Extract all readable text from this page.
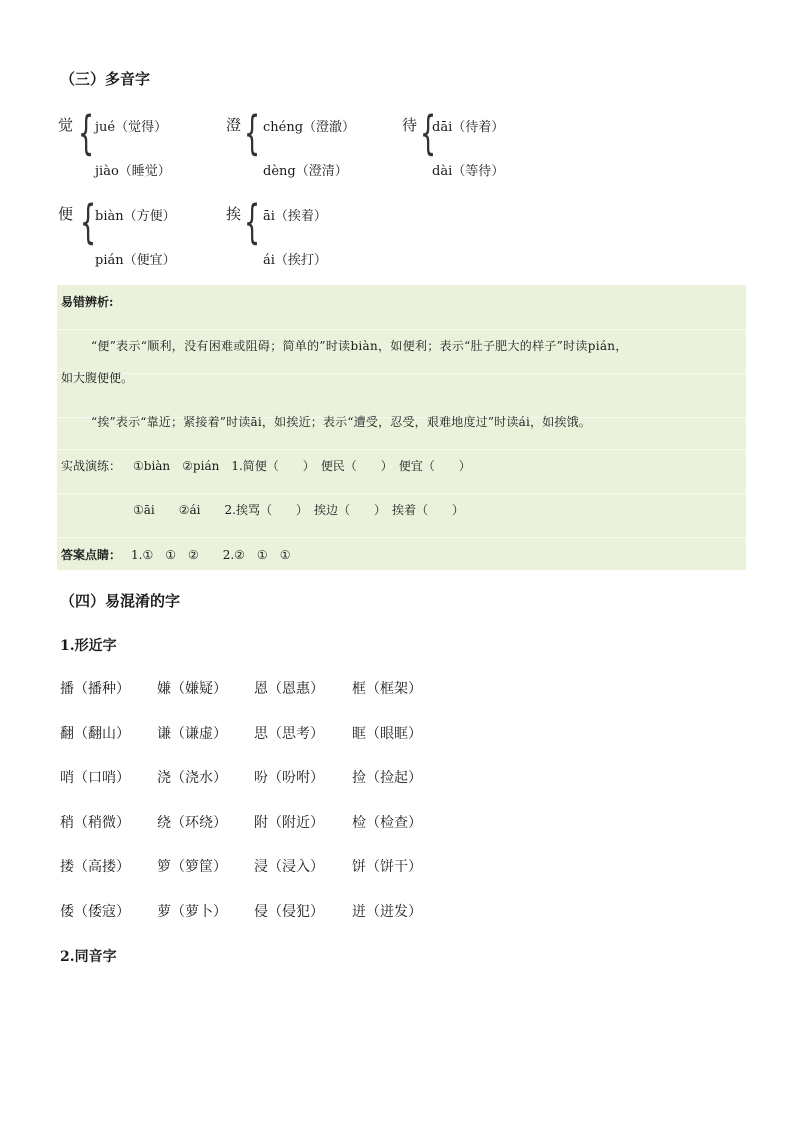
（三）多音字
觉 { jué（觉得）
jiào（睡觉）
澄 { chéng（澄澈）
dèng（澄清）
待 {
dāi（待着）
dài（等待）
便 {
biàn（方便）
pián（便宜）
挨 { āi（挨着）
ái（挨打）
易错辨析:
“便”表示“顺利，没有困难或阻碍；简单的”时读biàn，如便利；表示“肚子肥大的样子”时读pián，
如大腹便便。
“挨”表示“靠近；紧接着”时读āi，如挨近；表示“遭受，忍受，艰难地度过”时读ái，如挨饿。
实战演练： ①biàn　②pián　1.简便（　　）　便民（　　）　便宜（　　）
①āi　　②ái　　2.挨骂（　　）　挨边（　　）　挨着（　　）
答案点睛： 1.①　①　②　　2.②　①　①
（四）易混淆的字
1.形近字
播（播种） 嫌（嫌疑） 恩（恩惠） 框（框架）
翻（翻山） 谦（谦虚） 思（思考） 眶（眼眶）
哨（口哨） 浇（浇水） 吩（吩咐） 捡（捡起）
稍（稍微） 绕（环绕） 附（附近） 检（检查）
搂（高搂） 箩（箩筐） 浸（浸入） 饼（饼干）
倭（倭寇） 萝（萝卜） 侵（侵犯） 迸（迸发）
2.同音字
